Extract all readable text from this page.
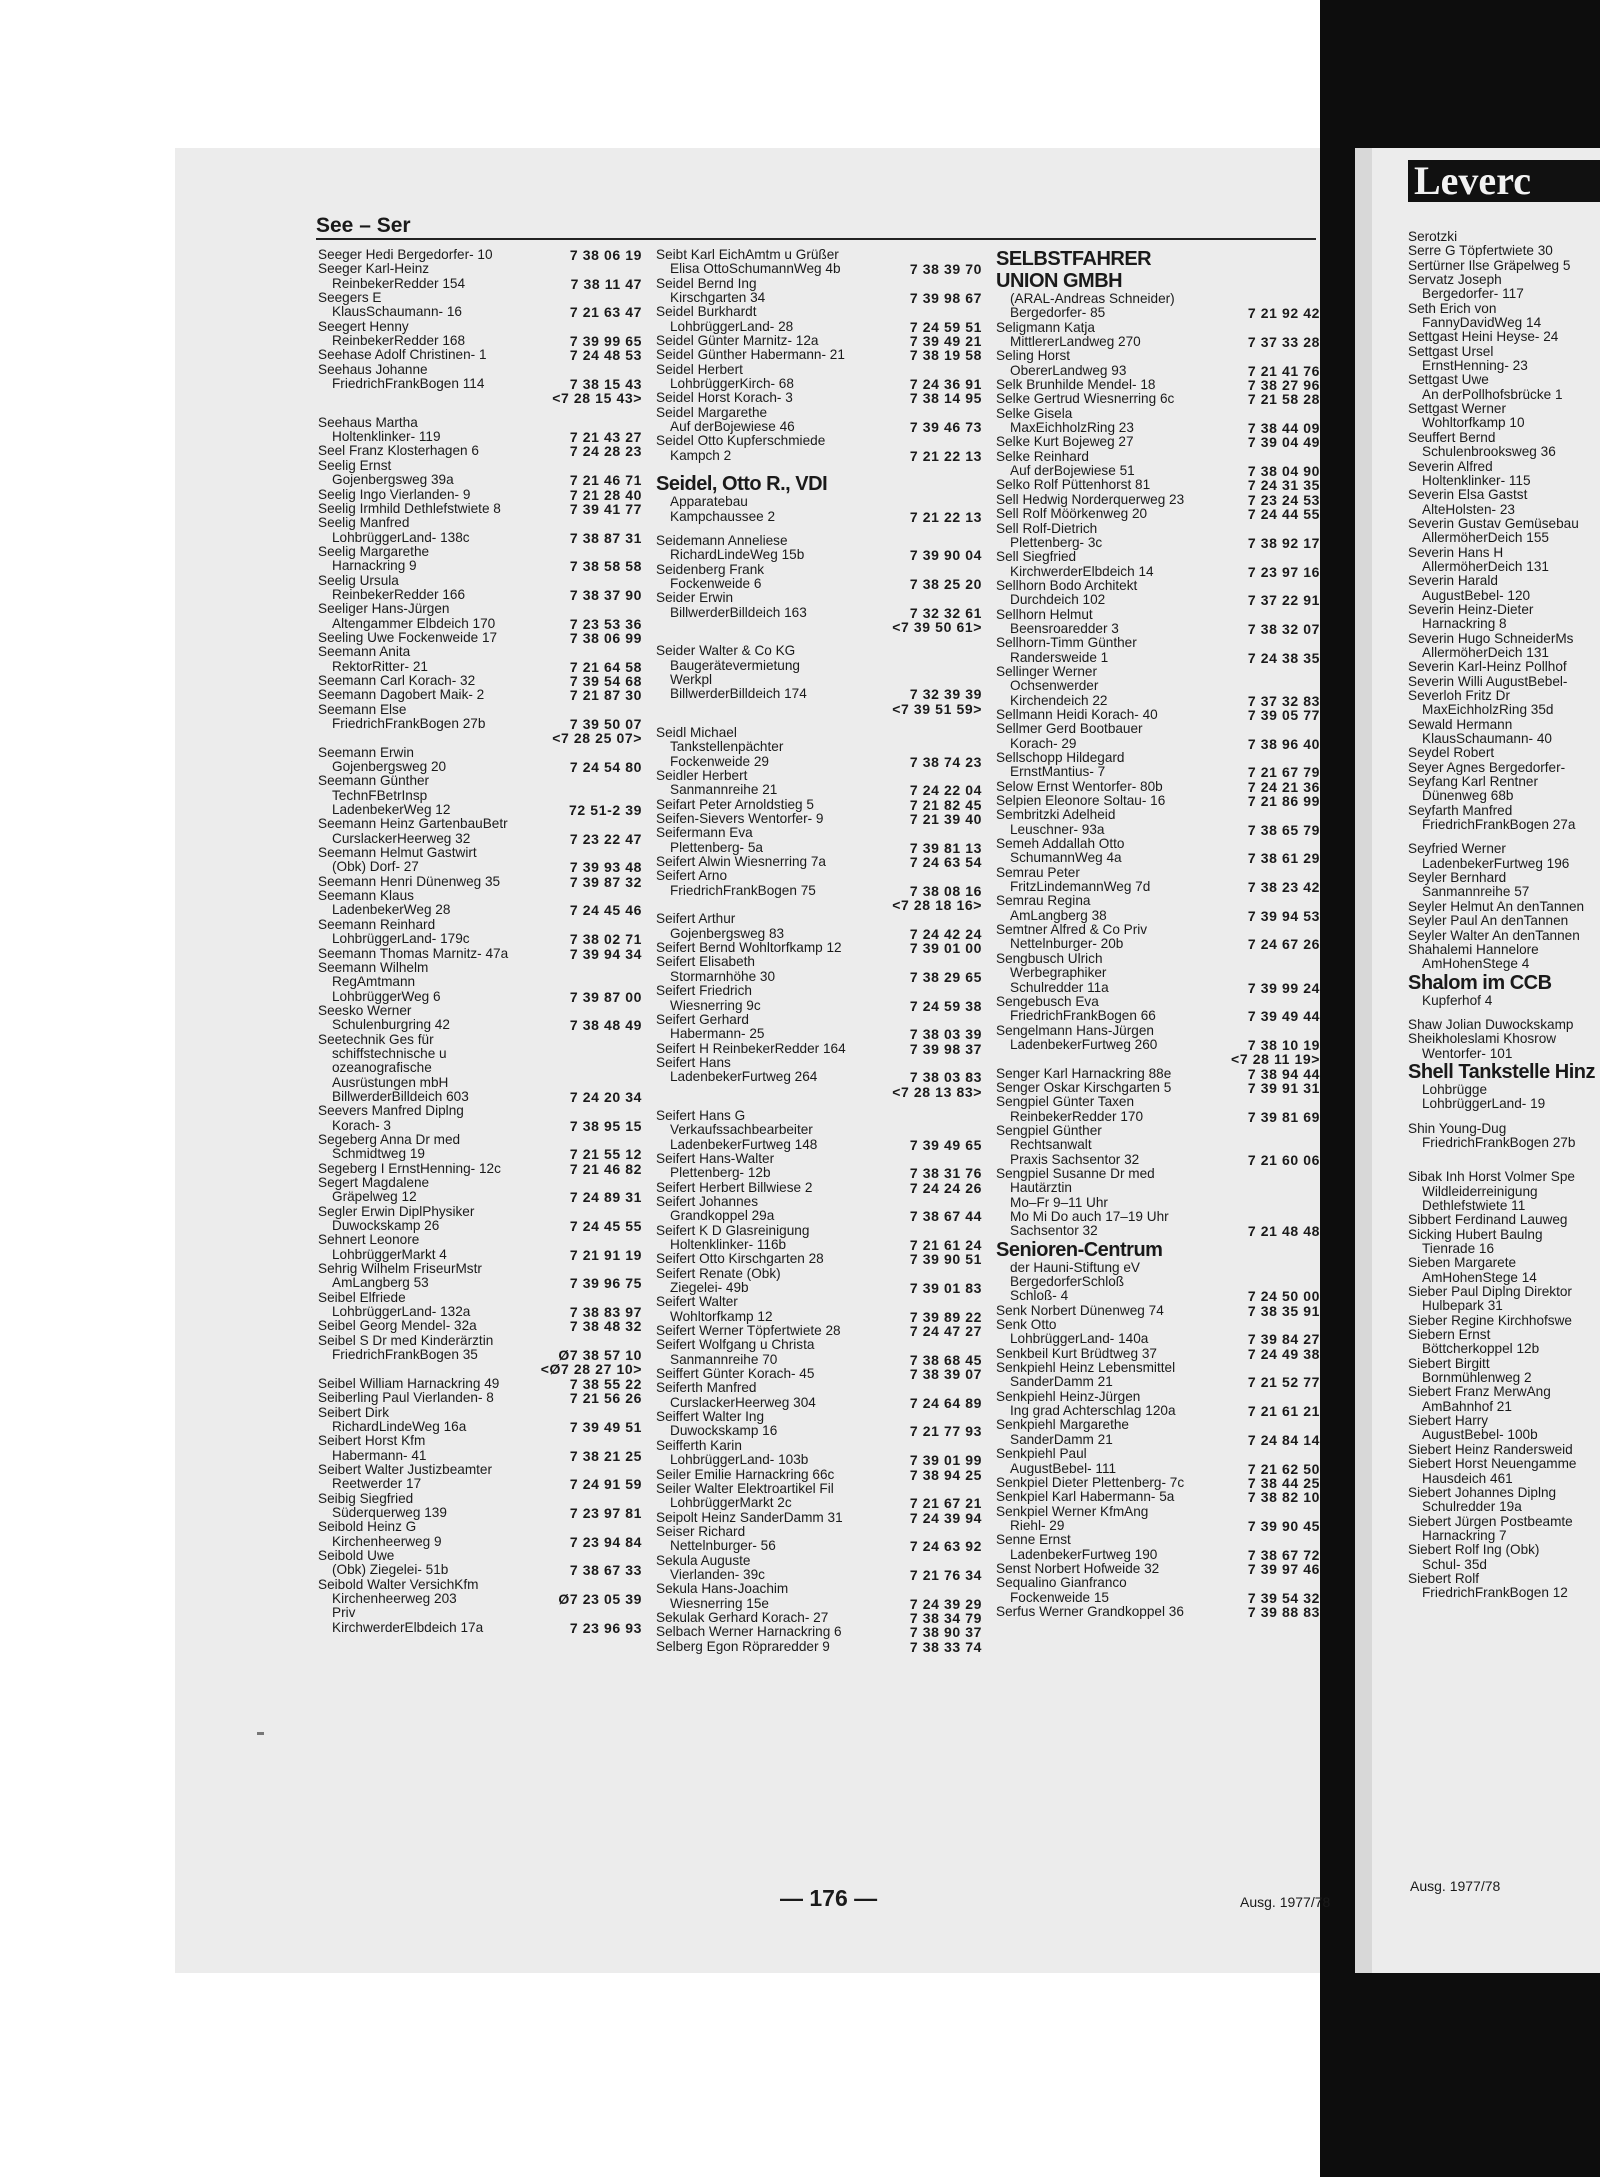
See – Ser
Seeger Hedi Bergedorfer- 10	7 38 06 19
Seeger Karl-Heinz
ReinbekerRedder 154	7 38 11 47
Seegers E
KlausSchaumann- 16	7 21 63 47
Seegert Henny
ReinbekerRedder 168	7 39 99 65
Seehase Adolf Christinen- 1	7 24 48 53
Seehaus Johanne
FriedrichFrankBogen 114	7 38 15 43
<7 28 15 43>
Seehaus Martha
Holtenklinker- 119	7 21 43 27
Seel Franz Klosterhagen 6	7 24 28 23
Seelig Ernst
Gojenbergsweg 39a	7 21 46 71
Seelig Ingo Vierlanden- 9	7 21 28 40
Seelig Irmhild Dethlefstwiete 8	7 39 41 77
Seelig Manfred
LohbrüggerLand- 138c	7 38 87 31
Seelig Margarethe
Harnackring 9	7 38 58 58
Seelig Ursula
ReinbekerRedder 166	7 38 37 90
Seeliger Hans-Jürgen
Altengammer Elbdeich 170	7 23 53 36
Seeling Uwe Fockenweide 17	7 38 06 99
Seemann Anita
RektorRitter- 21	7 21 64 58
Seemann Carl Korach- 32	7 39 54 68
Seemann Dagobert Maik- 2	7 21 87 30
Seemann Else
FriedrichFrankBogen 27b	7 39 50 07
<7 28 25 07>
Seemann Erwin
Gojenbergsweg 20	7 24 54 80
Seemann Günther
TechnFBetrInsp
LadenbekerWeg 12	72 51-2 39
Seemann Heinz GartenbauBetr
CurslackerHeerweg 32	7 23 22 47
Seemann Helmut Gastwirt
(Obk) Dorf- 27	7 39 93 48
Seemann Henri Dünenweg 35	7 39 87 32
Seemann Klaus
LadenbekerWeg 28	7 24 45 46
Seemann Reinhard
LohbrüggerLand- 179c	7 38 02 71
Seemann Thomas Marnitz- 47a	7 39 94 34
Seemann Wilhelm
RegAmtmann
LohbrüggerWeg 6	7 39 87 00
Seesko Werner
Schulenburgring 42	7 38 48 49
Seetechnik Ges für
schiffstechnische u
ozeanografische
Ausrüstungen mbH
BillwerderBilldeich 603	7 24 20 34
Seevers Manfred Diplng
Korach- 3	7 38 95 15
Segeberg Anna Dr med
Schmidtweg 19	7 21 55 12
Segeberg I ErnstHenning- 12c	7 21 46 82
Segert Magdalene
Gräpelweg 12	7 24 89 31
Segler Erwin DiplPhysiker
Duwockskamp 26	7 24 45 55
Sehnert Leonore
LohbrüggerMarkt 4	7 21 91 19
Sehrig Wilhelm FriseurMstr
AmLangberg 53	7 39 96 75
Seibel Elfriede
LohbrüggerLand- 132a	7 38 83 97
Seibel Georg Mendel- 32a	7 38 48 32
Seibel S Dr med Kinderärztin
FriedrichFrankBogen 35	Ø7 38 57 10
<Ø7 28 27 10>
Seibel William Harnackring 49	7 38 55 22
Seiberling Paul Vierlanden- 8	7 21 56 26
Seibert Dirk
RichardLindeWeg 16a	7 39 49 51
Seibert Horst Kfm
Habermann- 41	7 38 21 25
Seibert Walter Justizbeamter
Reetwerder 17	7 24 91 59
Seibig Siegfried
Süderquerweg 139	7 23 97 81
Seibold Heinz G
Kirchenheerweg 9	7 23 94 84
Seibold Uwe
(Obk) Ziegelei- 51b	7 38 67 33
Seibold Walter VersichKfm
Kirchenheerweg 203	Ø7 23 05 39
Priv
KirchwerderElbdeich 17a	7 23 96 93
Seibt Karl EichAmtm u Grüßer
Elisa OttoSchumannWeg 4b	7 38 39 70
Seidel Bernd Ing
Kirschgarten 34	7 39 98 67
Seidel Burkhardt
LohbrüggerLand- 28	7 24 59 51
Seidel Günter Marnitz- 12a	7 39 49 21
Seidel Günther Habermann- 21	7 38 19 58
Seidel Herbert
LohbrüggerKirch- 68	7 24 36 91
Seidel Horst Korach- 3	7 38 14 95
Seidel Margarethe
Auf derBojewiese 46	7 39 46 73
Seidel Otto Kupferschmiede
Kampch 2	7 21 22 13
Seidel, Otto R., VDI
Apparatebau
Kampchaussee 2	7 21 22 13
Seidemann Anneliese
RichardLindeWeg 15b	7 39 90 04
Seidenberg Frank
Fockenweide 6	7 38 25 20
Seider Erwin
BillwerderBilldeich 163	7 32 32 61
<7 39 50 61>
Seider Walter & Co KG
Baugerätevermietung
Werkpl
BillwerderBilldeich 174	7 32 39 39
<7 39 51 59>
Seidl Michael
Tankstellenpächter
Fockenweide 29	7 38 74 23
Seidler Herbert
Sanmannreihe 21	7 24 22 04
Seifart Peter Arnoldstieg 5	7 21 82 45
Seifen-Sievers Wentorfer- 9	7 21 39 40
Seifermann Eva
Plettenberg- 5a	7 39 81 13
Seifert Alwin Wiesnerring 7a	7 24 63 54
Seifert Arno
FriedrichFrankBogen 75	7 38 08 16
<7 28 18 16>
Seifert Arthur
Gojenbergsweg 83	7 24 42 24
Seifert Bernd Wohltorfkamp 12	7 39 01 00
Seifert Elisabeth
Stormarnhöhe 30	7 38 29 65
Seifert Friedrich
Wiesnerring 9c	7 24 59 38
Seifert Gerhard
Habermann- 25	7 38 03 39
Seifert H ReinbekerRedder 164	7 39 98 37
Seifert Hans
LadenbekerFurtweg 264	7 38 03 83
<7 28 13 83>
Seifert Hans G
Verkaufssachbearbeiter
LadenbekerFurtweg 148	7 39 49 65
Seifert Hans-Walter
Plettenberg- 12b	7 38 31 76
Seifert Herbert Billwiese 2	7 24 24 26
Seifert Johannes
Grandkoppel 29a	7 38 67 44
Seifert K D Glasreinigung
Holtenklinker- 116b	7 21 61 24
Seifert Otto Kirschgarten 28	7 39 90 51
Seifert Renate (Obk)
Ziegelei- 49b	7 39 01 83
Seifert Walter
Wohltorfkamp 12	7 39 89 22
Seifert Werner Töpfertwiete 28	7 24 47 27
Seifert Wolfgang u Christa
Sanmannreihe 70	7 38 68 45
Seiffert Günter Korach- 45	7 38 39 07
Seiferth Manfred
CurslackerHeerweg 304	7 24 64 89
Seiffert Walter Ing
Duwockskamp 16	7 21 77 93
Seifferth Karin
LohbrüggerLand- 103b	7 39 01 99
Seiler Emilie Harnackring 66c	7 38 94 25
Seiler Walter Elektroartikel Fil
LohbrüggerMarkt 2c	7 21 67 21
Seipolt Heinz SanderDamm 31	7 24 39 94
Seiser Richard
Nettelnburger- 56	7 24 63 92
Sekula Auguste
Vierlanden- 39c	7 21 76 34
Sekula Hans-Joachim
Wiesnerring 15e	7 24 39 29
Sekulak Gerhard Korach- 27	7 38 34 79
Selbach Werner Harnackring 6	7 38 90 37
Selberg Egon Röpraredder 9	7 38 33 74
SELBSTFAHRER
UNION GMBH
(ARAL-Andreas Schneider)
Bergedorfer- 85	7 21 92 42
Seligmann Katja
MittlererLandweg 270	7 37 33 28
Seling Horst
ObererLandweg 93	7 21 41 76
Selk Brunhilde Mendel- 18	7 38 27 96
Selke Gertrud Wiesnerring 6c	7 21 58 28
Selke Gisela
MaxEichholzRing 23	7 38 44 09
Selke Kurt Bojeweg 27	7 39 04 49
Selke Reinhard
Auf derBojewiese 51	7 38 04 90
Selko Rolf Püttenhorst 81	7 24 31 35
Sell Hedwig Norderquerweg 23	7 23 24 53
Sell Rolf Möörkenweg 20	7 24 44 55
Sell Rolf-Dietrich
Plettenberg- 3c	7 38 92 17
Sell Siegfried
KirchwerderElbdeich 14	7 23 97 16
Sellhorn Bodo Architekt
Durchdeich 102	7 37 22 91
Sellhorn Helmut
Beensroaredder 3	7 38 32 07
Sellhorn-Timm Günther
Randersweide 1	7 24 38 35
Sellinger Werner
Ochsenwerder
Kirchendeich 22	7 37 32 83
Sellmann Heidi Korach- 40	7 39 05 77
Sellmer Gerd Bootbauer
Korach- 29	7 38 96 40
Sellschopp Hildegard
ErnstMantius- 7	7 21 67 79
Selow Ernst Wentorfer- 80b	7 24 21 36
Selpien Eleonore Soltau- 16	7 21 86 99
Sembritzki Adelheid
Leuschner- 93a	7 38 65 79
Semeh Addallah Otto
SchumannWeg 4a	7 38 61 29
Semrau Peter
FritzLindemannWeg 7d	7 38 23 42
Semrau Regina
AmLangberg 38	7 39 94 53
Semtner Alfred & Co Priv
Nettelnburger- 20b	7 24 67 26
Sengbusch Ulrich
Werbegraphiker
Schulredder 11a	7 39 99 24
Sengebusch Eva
FriedrichFrankBogen 66	7 39 49 44
Sengelmann Hans-Jürgen
LadenbekerFurtweg 260	7 38 10 19
<7 28 11 19>
Senger Karl Harnackring 88e	7 38 94 44
Senger Oskar Kirschgarten 5	7 39 91 31
Sengpiel Günter Taxen
ReinbekerRedder 170	7 39 81 69
Sengpiel Günther
Rechtsanwalt
Praxis Sachsentor 32	7 21 60 06
Sengpiel Susanne Dr med
Hautärztin
Mo–Fr 9–11 Uhr
Mo Mi Do auch 17–19 Uhr
Sachsentor 32	7 21 48 48
Senioren-Centrum
der Hauni-Stiftung eV
BergedorferSchloß
Schloß- 4	7 24 50 00
Senk Norbert Dünenweg 74	7 38 35 91
Senk Otto
LohbrüggerLand- 140a	7 39 84 27
Senkbeil Kurt Brüdtweg 37	7 24 49 38
Senkpiehl Heinz Lebensmittel
SanderDamm 21	7 21 52 77
Senkpiehl Heinz-Jürgen
Ing grad Achterschlag 120a	7 21 61 21
Senkpiehl Margarethe
SanderDamm 21	7 24 84 14
Senkpiehl Paul
AugustBebel- 111	7 21 62 50
Senkpiel Dieter Plettenberg- 7c	7 38 44 25
Senkpiel Karl Habermann- 5a	7 38 82 10
Senkpiel Werner KfmAng
Riehl- 29	7 39 90 45
Senne Ernst
LadenbekerFurtweg 190	7 38 67 72
Senst Norbert Hofweide 32	7 39 97 46
Sequalino Gianfranco
Fockenweide 15	7 39 54 32
Serfus Werner Grandkoppel 36	7 39 88 83
Leverc
Serotzki
Serre G Töpfertwiete 30
Sertürner Ilse Gräpelweg 5
Servatz Joseph
Bergedorfer- 117
Seth Erich von
FannyDavidWeg 14
Settgast Heini Heyse- 24
Settgast Ursel
ErnstHenning- 23
Settgast Uwe
An derPollhofsbrücke 1
Settgast Werner
Wohltorfkamp 10
Seuffert Bernd
Schulenbrooksweg 36
Severin Alfred
Holtenklinker- 115
Severin Elsa Gastst
AlteHolsten- 23
Severin Gustav Gemüsebau
AllermöherDeich 155
Severin Hans H
AllermöherDeich 131
Severin Harald
AugustBebel- 120
Severin Heinz-Dieter
Harnackring 8
Severin Hugo SchneiderMs
AllermöherDeich 131
Severin Karl-Heinz Pollhof
Severin Willi AugustBebel-
Severloh Fritz Dr
MaxEichholzRing 35d
Sewald Hermann
KlausSchaumann- 40
Seydel Robert
Seyer Agnes Bergedorfer-
Seyfang Karl Rentner
Dünenweg 68b
Seyfarth Manfred
FriedrichFrankBogen 27a
Seyfried Werner
LadenbekerFurtweg 196
Seyler Bernhard
Sanmannreihe 57
Seyler Helmut An denTannen
Seyler Paul An denTannen
Seyler Walter An denTannen
Shahalemi Hannelore
AmHohenStege 4
Shalom im CCB
Kupferhof 4
Shaw Jolian Duwockskamp
Sheikholeslami Khosrow
Wentorfer- 101
Shell Tankstelle Hinz
Lohbrügge
LohbrüggerLand- 19
Shin Young-Dug
FriedrichFrankBogen 27b
Sibak Inh Horst Volmer Spe
Wildleiderreinigung
Dethlefstwiete 11
Sibbert Ferdinand Lauweg
Sicking Hubert Baulng
Tienrade 16
Sieben Margarete
AmHohenStege 14
Sieber Paul Diplng Direktor
Hulbepark 31
Sieber Regine Kirchhofswe
Siebern Ernst
Böttcherkoppel 12b
Siebert Birgitt
Bornmühlenweg 2
Siebert Franz MerwAng
AmBahnhof 21
Siebert Harry
AugustBebel- 100b
Siebert Heinz Randersweid
Siebert Horst Neuengamme
Hausdeich 461
Siebert Johannes Diplng
Schulredder 19a
Siebert Jürgen Postbeamte
Harnackring 7
Siebert Rolf Ing (Obk)
Schul- 35d
Siebert Rolf
FriedrichFrankBogen 12
— 176 —	Ausg. 1977/78
Ausg. 1977/78
